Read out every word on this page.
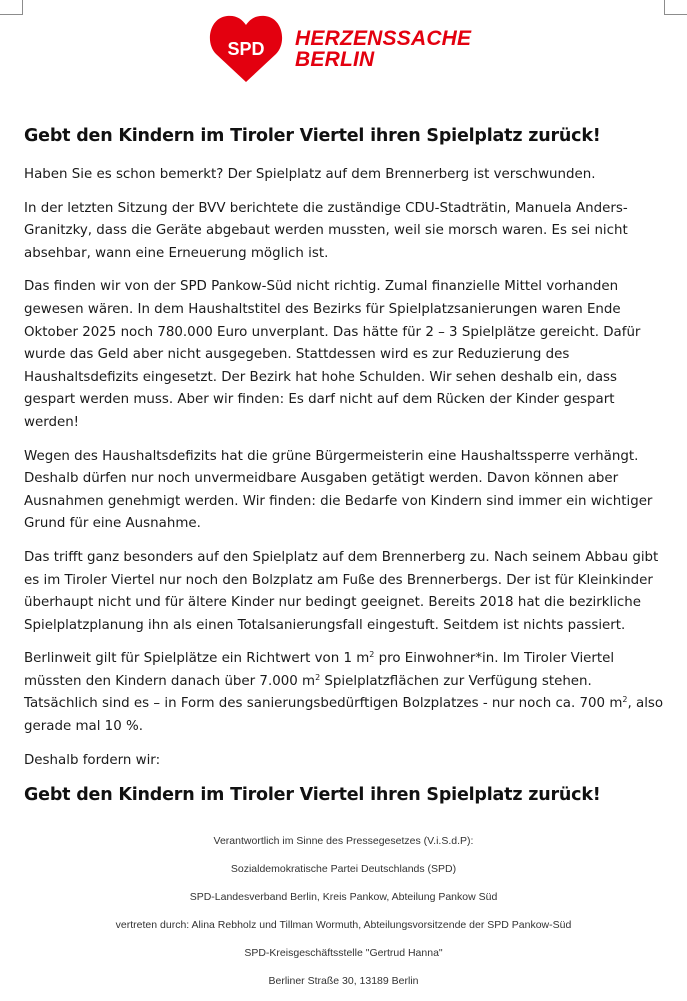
SPD HERZENSSACHE
BERLIN
Gebt den Kindern im Tiroler Viertel ihren Spielplatz zurück!

Haben Sie es schon bemerkt? Der Spielplatz auf dem Brennerberg ist verschwunden.

In der letzten Sitzung der BVV berichtete die zuständige CDU-Stadträtin, Manuela Anders-Granitzky, dass die Geräte abgebaut werden mussten, weil sie morsch waren. Es sei nicht absehbar, wann eine Erneuerung möglich ist.

Das finden wir von der SPD Pankow-Süd nicht richtig. Zumal finanzielle Mittel vorhanden gewesen wären. In dem Haushaltstitel des Bezirks für Spielplatzsanierungen waren Ende Oktober 2025 noch 780.000 Euro unverplant. Das hätte für 2 – 3 Spielplätze gereicht. Dafür wurde das Geld aber nicht ausgegeben. Stattdessen wird es zur Reduzierung des Haushaltsdefizits eingesetzt. Der Bezirk hat hohe Schulden. Wir sehen deshalb ein, dass gespart werden muss. Aber wir finden: Es darf nicht auf dem Rücken der Kinder gespart werden!

Wegen des Haushaltsdefizits hat die grüne Bürgermeisterin eine Haushaltssperre verhängt. Deshalb dürfen nur noch unvermeidbare Ausgaben getätigt werden. Davon können aber Ausnahmen genehmigt werden. Wir finden: die Bedarfe von Kindern sind immer ein wichtiger Grund für eine Ausnahme.

Das trifft ganz besonders auf den Spielplatz auf dem Brennerberg zu. Nach seinem Abbau gibt es im Tiroler Viertel nur noch den Bolzplatz am Fuße des Brennerbergs. Der ist für Kleinkinder überhaupt nicht und für ältere Kinder nur bedingt geeignet. Bereits 2018 hat die bezirkliche Spielplatzplanung ihn als einen Totalsanierungsfall eingestuft. Seitdem ist nichts passiert.

Berlinweit gilt für Spielplätze ein Richtwert von 1 $m^2$ pro Einwohner*in. Im Tiroler Viertel müssten den Kindern danach über 7.000 $m^2$ Spielplatzflächen zur Verfügung stehen. Tatsächlich sind es – in Form des sanierungsbedürftigen Bolzplatzes - nur noch ca. 700 $m^2$, also gerade mal 10 %.

Deshalb fordern wir:

Gebt den Kindern im Tiroler Viertel ihren Spielplatz zurück!
Verantwortlich im Sinne des Pressegesetzes (V.i.S.d.P):
Sozialdemokratische Partei Deutschlands (SPD)
SPD-Landesverband Berlin, Kreis Pankow, Abteilung Pankow Süd
vertreten durch: Alina Rebholz und Tillman Wormuth, Abteilungsvorsitzende der SPD Pankow-Süd
SPD-Kreisgeschäftsstelle "Gertrud Hanna"
Berliner Straße 30, 13189 Berlin
